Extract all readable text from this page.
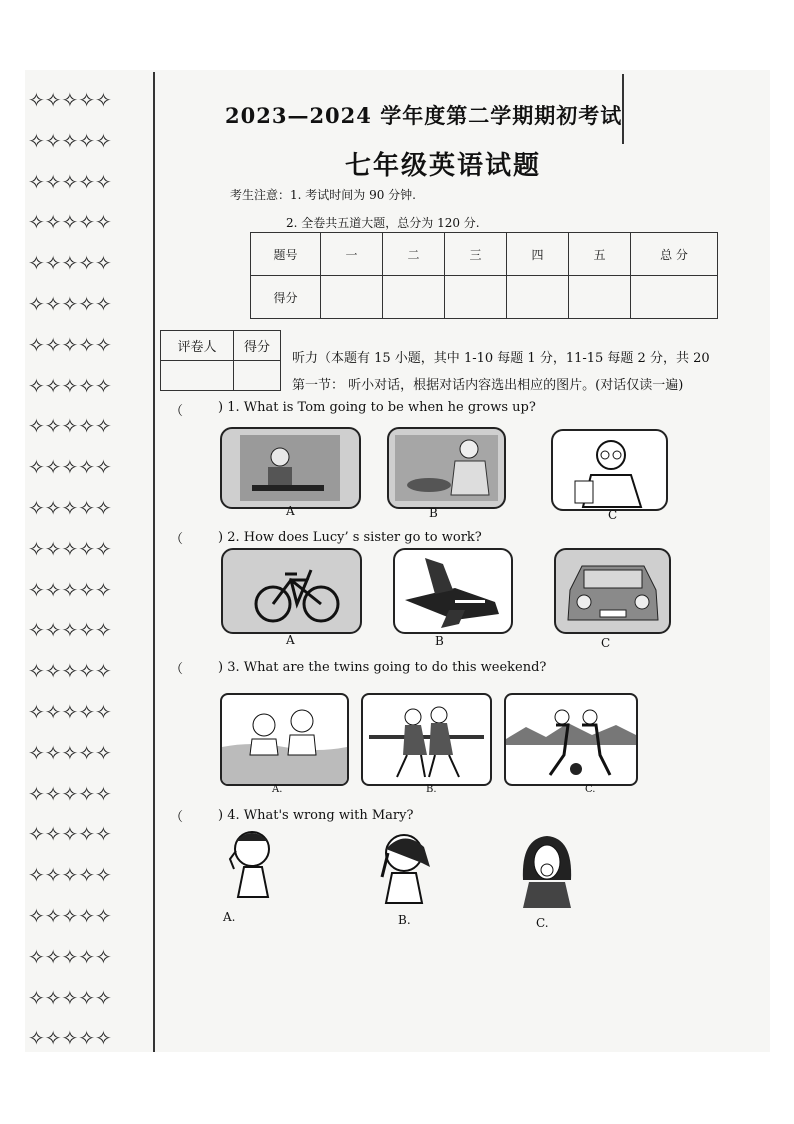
✧✧✧✧✧
✧✧✧✧✧
✧✧✧✧✧
✧✧✧✧✧
✧✧✧✧✧
✧✧✧✧✧
✧✧✧✧✧
✧✧✧✧✧
✧✧✧✧✧
✧✧✧✧✧
✧✧✧✧✧
✧✧✧✧✧
✧✧✧✧✧
✧✧✧✧✧
✧✧✧✧✧
✧✧✧✧✧
✧✧✧✧✧
✧✧✧✧✧
✧✧✧✧✧
✧✧✧✧✧
✧✧✧✧✧
✧✧✧✧✧
✧✧✧✧✧
✧✧✧✧✧
2023—2024 学年度第二学期期初考试
七年级英语试题
考生注意：1. 考试时间为 90 分钟.
2. 全卷共五道大题，总分为 120 分.
题号	一	二	三	四	五	总 分
得分						
评卷人	得分

听力（本题有 15 小题，其中 1-10 每题 1 分，11-15 每题 2 分，共 20
第一节： 听小对话，根据对话内容选出相应的图片。(对话仅读一遍)
（	) 1. What is Tom going to be when he grows up?
A	B	C
（	) 2. How does Lucy’ s sister go to work?
A	B	C
（	) 3. What are the twins going to do this weekend?
A.	B.	C.
（	) 4. What's wrong with Mary?
A.	B.	C.
